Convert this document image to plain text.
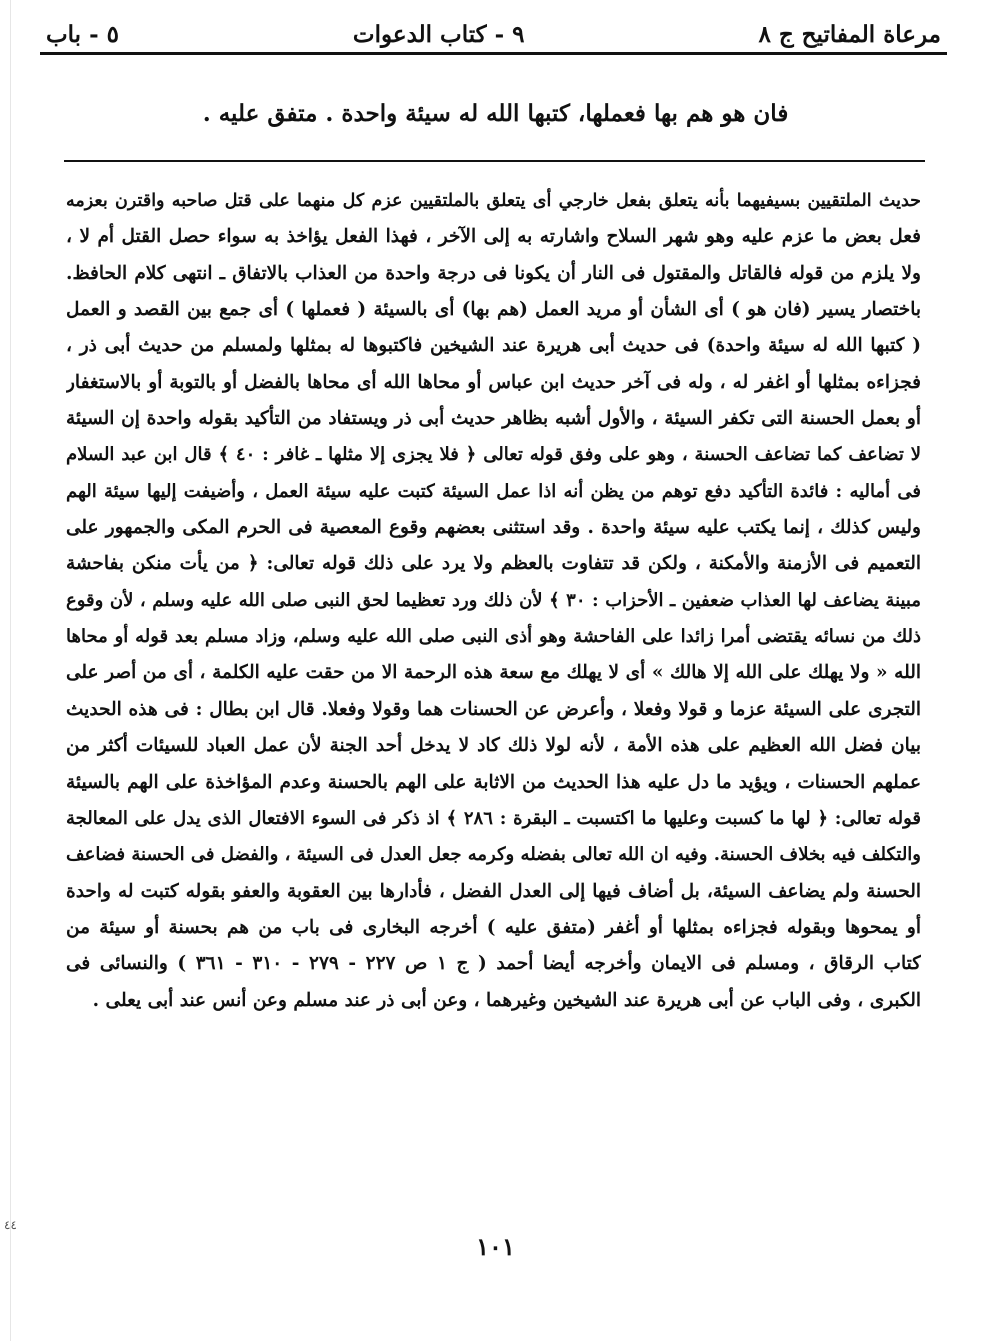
مرعاة المفاتيح ج ٨
٩ - كتاب الدعوات
٥ - باب
فان هو هم بها فعملها، كتبها الله له سيئة واحدة . متفق عليه .
حديث الملتقيين بسيفيهما بأنه يتعلق بفعل خارجي أى يتعلق بالملتقيين عزم كل منهما على قتل صاحبه واقترن بعزمه
فعل بعض ما عزم عليه وهو شهر السلاح واشارته به إلى الآخر ، فهذا الفعل يؤاخذ به سواء حصل القتل أم لا ،
ولا يلزم من قوله فالقاتل والمقتول فى النار أن يكونا فى درجة واحدة من العذاب بالاتفاق ـ انتهى كلام الحافظ.
باختصار يسير (فان هو ) أى الشأن أو مريد العمل (هم بها) أى بالسيئة ( فعملها ) أى جمع بين القصد و العمل
( كتبها الله له سيئة واحدة) فى حديث أبى هريرة عند الشيخين فاكتبوها له بمثلها ولمسلم من حديث أبى ذر ،
فجزاءه بمثلها أو اغفر له ، وله فى آخر حديث ابن عباس أو محاها الله أى محاها بالفضل أو بالتوبة أو بالاستغفار
أو بعمل الحسنة التى تكفر السيئة ، والأول أشبه بظاهر حديث أبى ذر ويستفاد من التأكيد بقوله واحدة إن السيئة
لا تضاعف كما تضاعف الحسنة ، وهو على وفق قوله تعالى ﴿ فلا يجزى إلا مثلها ـ غافر : ٤٠ ﴾ قال ابن عبد السلام
فى أماليه : فائدة التأكيد دفع توهم من يظن أنه اذا عمل السيئة كتبت عليه سيئة العمل ، وأضيفت إليها سيئة الهم
وليس كذلك ، إنما يكتب عليه سيئة واحدة . وقد استثنى بعضهم وقوع المعصية فى الحرم المكى والجمهور على
التعميم فى الأزمنة والأمكنة ، ولكن قد تتفاوت بالعظم ولا يرد على ذلك قوله تعالى: ﴿ من يأت منكن بفاحشة
مبينة يضاعف لها العذاب ضعفين ـ الأحزاب : ٣٠ ﴾ لأن ذلك ورد تعظيما لحق النبى صلى الله عليه وسلم ، لأن وقوع
ذلك من نسائه يقتضى أمرا زائدا على الفاحشة وهو أذى النبى صلى الله عليه وسلم، وزاد مسلم بعد قوله أو محاها
الله « ولا يهلك على الله إلا هالك » أى لا يهلك مع سعة هذه الرحمة الا من حقت عليه الكلمة ، أى من أصر على
التجرى على السيئة عزما و قولا وفعلا ، وأعرض عن الحسنات هما وقولا وفعلا. قال ابن بطال : فى هذه الحديث
بيان فضل الله العظيم على هذه الأمة ، لأنه لولا ذلك كاد لا يدخل أحد الجنة لأن عمل العباد للسيئات أكثر من
عملهم الحسنات ، ويؤيد ما دل عليه هذا الحديث من الاثابة على الهم بالحسنة وعدم المؤاخذة على الهم بالسيئة
قوله تعالى: ﴿ لها ما كسبت وعليها ما اكتسبت ـ البقرة : ٢٨٦ ﴾ اذ ذكر فى السوء الافتعال الذى يدل على المعالجة
والتكلف فيه بخلاف الحسنة. وفيه ان الله تعالى بفضله وكرمه جعل العدل فى السيئة ، والفضل فى الحسنة فضاعف
الحسنة ولم يضاعف السيئة، بل أضاف فيها إلى العدل الفضل ، فأدارها بين العقوبة والعفو بقوله كتبت له واحدة
أو يمحوها وبقوله فجزاءه بمثلها أو أغفر (متفق عليه ) أخرجه البخارى فى باب من هم بحسنة أو سيئة من
كتاب الرقاق ، ومسلم فى الايمان وأخرجه أيضا أحمد ( ج ١ ص ٢٢٧ - ٢٧٩ - ٣١٠ - ٣٦١ ) والنسائى فى
الكبرى ، وفى الباب عن أبى هريرة عند الشيخين وغيرهما ، وعن أبى ذر عند مسلم وعن أنس عند أبى يعلى .
١٠١
٤٤
